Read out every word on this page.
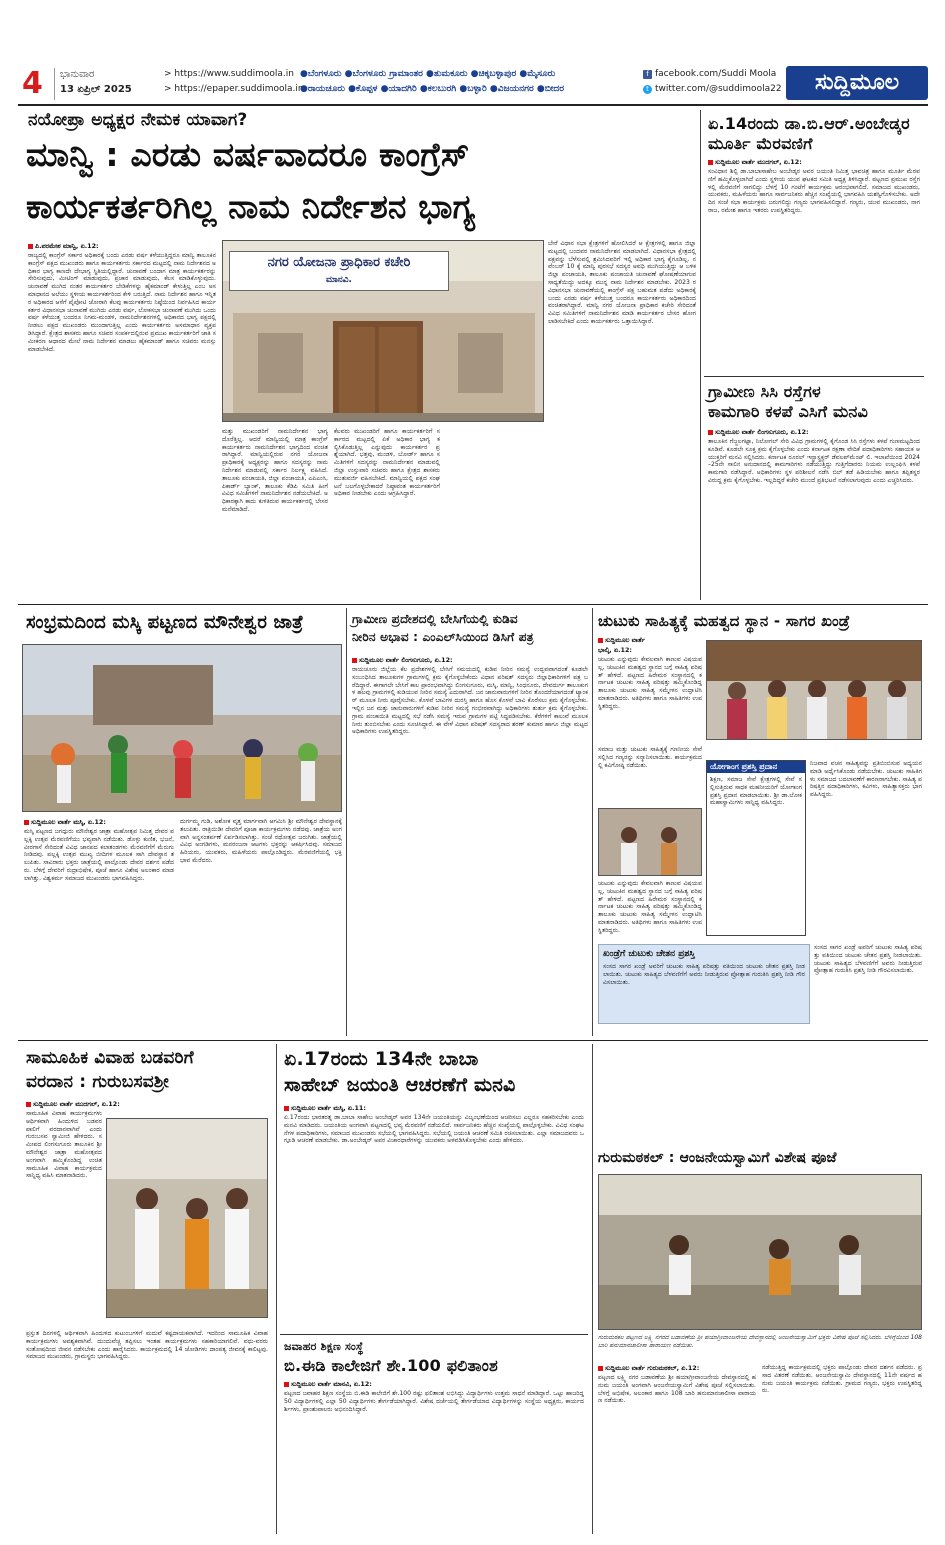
4 ಭಾನುವಾರ
13 ಏಪ್ರಿಲ್ 2025
> https://www.suddimoola.in
> https://epaper.suddimoola.in
●ಬೆಂಗಳೂರು ●ಬೆಂಗಳೂರು ಗ್ರಾಮಾಂತರ ●ತುಮಕೂರು ●ಚಿಕ್ಕಬಳ್ಳಾಪುರ ●ಮೈಸೂರು
●ರಾಯಚೂರು ●ಕೊಪ್ಪಳ ●ಯಾದಗಿರಿ ●ಕಲಬುರಗಿ ●ಬಳ್ಳಾರಿ ●ವಿಜಯನಗರ ●ಬೀದರ
f facebook.com/Suddi Moola
t twitter.com/@suddimoola22	ಸುದ್ದಿಮೂಲ
ನಯೋಪ್ರಾ ಅಧ್ಯಕ್ಷರ ನೇಮಕ ಯಾವಾಗ?
ಮಾನ್ವಿ : ಎರಡು ವರ್ಷವಾದರೂ ಕಾಂಗ್ರೆಸ್
ಕಾರ್ಯಕರ್ತರಿಗಿಲ್ಲ ನಾಮ ನಿರ್ದೇಶನ ಭಾಗ್ಯ
ಪಿ.ಪರಮೇಶ ಮಾನ್ವಿ, ಏ.12:
ರಾಜ್ಯದಲ್ಲಿ ಕಾಂಗ್ರೆಸ್ ಸರ್ಕಾರ ಅಧಿಕಾರಕ್ಕೆ ಬಂದು ಎರಡು ವರ್ಷ ಕಳೆಯುತ್ತಿದ್ದರೂ ಮಾನ್ವಿ ತಾಲೂಕಿನ ಕಾಂಗ್ರೆಸ್ ಪಕ್ಷದ ಮುಖಂಡರು ಹಾಗೂ ಕಾರ್ಯಕರ್ತರು ಸರ್ಕಾರದ ಮಟ್ಟದಲ್ಲಿ ನಾಮ ನಿರ್ದೇಶನದ ಅಧಿಕಾರ ಭಾಗ್ಯ ಕಾಣದೇ ದೇಭಾಗ್ಯ ಸ್ಥಿತಿಯಲ್ಲಿದ್ದಾರೆ. ಚುನಾವಣೆ ಬಂದಾಗ ಮಾತ್ರ ಕಾರ್ಯಕರ್ತರನ್ನು ಸೇರಿಸುವುದು, ಮೀಟಿಂಗ್ ಮಾಡುವುದು, ಪ್ರಚಾರ ಮಾಡುವುದು, ಕೆಲಸ ಮಾಡಿಕೊಳ್ಳುವುದು. ಚುನಾವಣೆ ಮುಗಿದ ನಂತರ ಕಾರ್ಯಕರ್ತರ ಬೇಡಿಕೆಗಳನ್ನು ಹೈಕಮಾಂಡ್ ಕೇಳುತ್ತಿಲ್ಲ ಎಂಬ ಅಸಮಾಧಾನದ ಅಲೆಯು ಸ್ಥಳೀಯ ಕಾರ್ಯಕರ್ತರಿಂದ ಕೇಳಿ ಬರುತ್ತಿದೆ. ನಾಮ ನಿರ್ದೇಶನ ಹಾಗೂ ಇನ್ನಿತರ ಅಧಿಕಾರದ ಆಸೆಗೆ ಪೈಪೋಟಿ ಜೋರಾಗಿ ಕೆಲವು ಕಾರ್ಯಕರ್ತರು ನಿಷ್ಠೆಯಿಂದ ನಿರ್ವಹಿಸಿದ ಕಾರ್ಯಕರ್ತರ ವಿಧಾನಸಭಾ ಚುನಾವಣೆ ಮುಗಿದು ಎರಡು ವರ್ಷ, ಲೋಕಸಭಾ ಚುನಾವಣೆ ಮುಗಿದು ಒಂದು ವರ್ಷ ಕಳೆಯುತ್ತ ಬಂದರೂ ನಿಗಮ-ಮಂಡಳಿ, ನಾಮನಿರ್ದೇಶನಗಳಲ್ಲಿ ಅಧಿಕಾರದ ಭಾಗ್ಯ ಪಕ್ಷದಲ್ಲಿ ನೀಡಲು ಪಕ್ಷದ ಮುಖಂಡರು ಮುಂದಾಗುತ್ತಿಲ್ಲ ಎಂದು ಕಾರ್ಯಕರ್ತರು ಅಸಮಾಧಾನ ವ್ಯಕ್ತಪಡಿಸಿದ್ದಾರೆ. ಕ್ಷೇತ್ರದ ಶಾಸಕರು ಹಾಗೂ ಸಚಿವರ ಸಂಪರ್ಕದಲ್ಲಿರುವ ಪ್ರಮುಖ ಕಾರ್ಯಕರ್ತರಿಗೆ ಜಾತಿ ಸಮೀಕರಣ ಆಧಾರದ ಮೇಲೆ ನಾಮ ನಿರ್ದೇಶನ ಮಾಡಲು ಹೈಕಮಾಂಡ್ ಹಾಗೂ ಸಚಿವರು ಮನಸ್ಸು ಮಾಡಬೇಕಿದೆ.
ನಗರ ಯೋಜನಾ ಪ್ರಾಧಿಕಾರ ಕಚೇರಿ
ಮಾನವಿ.
ಮತ್ತು ಮುಖಂಡರಿಗೆ ನಾಮನಿರ್ದೇಶನ ಭಾಗ್ಯ ದೊರೆತ್ತಿಲ್ಲ. ಆದರೆ ಮಾನ್ವಿಯಲ್ಲಿ ಮಾತ್ರ ಕಾಂಗ್ರೆಸ್ ಕಾರ್ಯಕರ್ತರು ನಾಮನಿರ್ದೇಶನ ಭಾಗ್ಯದಿಂದ ವಂಚಿತರಾಗಿದ್ದಾರೆ. ಮಾನ್ವಿಯಲ್ಲಿರುವ ನಗರ ಯೋಜನಾ ಪ್ರಾಧಿಕಾರಕ್ಕೆ ಅಧ್ಯಕ್ಷರನ್ನು ಹಾಗೂ ಸದಸ್ಯರನ್ನು ನಾಮನಿರ್ದೇಶನ ಮಾಡುವಲ್ಲಿ ಸರ್ಕಾರ ನಿರ್ಲಕ್ಷ್ಯ ವಹಿಸಿದೆ. ತಾಲೂಕು ಪಂಚಾಯತಿ, ಜಿಲ್ಲಾ ಪಂಚಾಯತಿ, ಎಪಿಎಂಸಿ, ಪಿಕಾರ್ಡ್ ಬ್ಯಾಂಕ್, ತಾಲೂಕು ಕೆಡಿಪಿ ಸಮಿತಿ ಹೀಗೆ ವಿವಿಧ ಸಮಿತಿಗಳಿಗೆ ನಾಮನಿರ್ದೇಶನ ನಡೆಯಬೇಕಿದೆ. ಅಧಿಕಾರಕ್ಕಾಗಿ ಕಾದು ಕುಳಿತಿರುವ ಕಾರ್ಯಕರ್ತರಲ್ಲಿ ಬೇಸರ ಮನೆಮಾಡಿದೆ.
ಕೆಲವರು ಮುಖಂಡರಿಗೆ ಹಾಗೂ ಕಾರ್ಯಕರ್ತರಿಗೆ ಸರ್ಕಾರದ ಮಟ್ಟದಲ್ಲಿ ಏಕೆ ಅಧಿಕಾರ ಭಾಗ್ಯ ಕಲ್ಪಿಸಿಕೊಡುತ್ತಿಲ್ಲ ಎನ್ನುವುದು ಕಾರ್ಯಕರ್ತರ ಪ್ರಶ್ನೆಯಾಗಿದೆ. ಭತ್ತವು, ಮಂಡಳಿ, ಬೋರ್ಡ್ ಹಾಗೂ ಸಮಿತಿಗಳಿಗೆ ಸದಸ್ಯರನ್ನು ನಾಮನಿರ್ದೇಶನ ಮಾಡುವಲ್ಲಿ ಜಿಲ್ಲಾ ಉಸ್ತುವಾರಿ ಸಚಿವರು ಹಾಗೂ ಕ್ಷೇತ್ರದ ಶಾಸಕರು ಮುತುವರ್ಜಿ ವಹಿಸಬೇಕಿದೆ. ಮಾನ್ವಿಯಲ್ಲಿ ಪಕ್ಷದ ಸಂಘಟನೆ ಬಲಗೊಳ್ಳಬೇಕಾದರೆ ನಿಷ್ಠಾವಂತ ಕಾರ್ಯಕರ್ತರಿಗೆ ಅಧಿಕಾರ ನೀಡಬೇಕು ಎಂದು ಆಗ್ರಹಿಸಿದ್ದಾರೆ.
ಬೇರೆ ವಿಧಾನ ಸಭಾ ಕ್ಷೇತ್ರಗಳಿಗೆ ಹೋಲಿಸಿದರೆ ಆ ಕ್ಷೇತ್ರಗಳಲ್ಲಿ ಹಾಗೂ ಜಿಲ್ಲಾ ಮಟ್ಟದಲ್ಲಿ ಬಂದವರ ನಾಮನಿರ್ದೇಶನ ಮಾಡಲಾಗಿದೆ. ವಿಧಾನಸಭಾ ಕ್ಷೇತ್ರದಲ್ಲಿ ಪಕ್ಷವನ್ನು ಬೆಳೆಸುವಲ್ಲಿ ಶ್ರಮಿಸಿದವರಿಗೆ ಇಲ್ಲಿ ಅಧಿಕಾರ ಭಾಗ್ಯ ಕೈಗೂಡಿಲ್ಲ. ನವೆಂಬರ್ 10 ಕ್ಕೆ ಮಾನ್ವಿ ಪುರಸಭೆ ಸದಸ್ಯರ ಅವಧಿ ಮುಗಿಯುತ್ತಿದ್ದು ಆ ಬಳಿಕ ಜಿಲ್ಲಾ ಪಂಚಾಯತಿ, ತಾಲೂಕು ಪಂಚಾಯತಿ ಚುನಾವಣೆ ಘೋಷಣೆಯಾಗುವ ಸಾಧ್ಯತೆಯಿದ್ದು ಅದಕ್ಕೂ ಮುನ್ನ ನಾಮ ನಿರ್ದೇಶನ ಮಾಡಬೇಕು. 2023 ರ ವಿಧಾನಸಭಾ ಚುನಾವಣೆಯಲ್ಲಿ ಕಾಂಗ್ರೆಸ್ ಪಕ್ಷ ಬಹುಮತ ಪಡೆದು ಅಧಿಕಾರಕ್ಕೆ ಬಂದು ಎರಡು ವರ್ಷ ಕಳೆಯುತ್ತ ಬಂದರೂ ಕಾರ್ಯಕರ್ತರು ಅಧಿಕಾರದಿಂದ ವಂಚಿತರಾಗಿದ್ದಾರೆ. ಮಾನ್ವಿ ನಗರ ಯೋಜನಾ ಪ್ರಾಧಿಕಾರ ಕಚೇರಿ ಸೇರಿದಂತೆ ವಿವಿಧ ಸಮಿತಿಗಳಿಗೆ ನಾಮನಿರ್ದೇಶನ ಮಾಡಿ ಕಾರ್ಯಕರ್ತರ ಬೇಸರ ಹೋಗಲಾಡಿಸಬೇಕಿದೆ ಎಂದು ಕಾರ್ಯಕರ್ತರು ಒತ್ತಾಯಿಸಿದ್ದಾರೆ.
ಏ.14ರಂದು ಡಾ.ಬಿ.ಆರ್.ಅಂಬೇಡ್ಕರ
ಮೂರ್ತಿ ಮೆರವಣಿಗೆ
ಸುದ್ದಿಮೂಲ ವಾರ್ತೆ ಮುದಗಲ್, ಏ.12:
ಸಂವಿಧಾನ ಶಿಲ್ಪಿ ಡಾ.ಬಾಬಾಸಾಹೇಬ ಅಂಬೇಡ್ಕರ ಅವರ ಜಯಂತಿ ನಿಮಿತ್ತ ಭಾವಚಿತ್ರ ಹಾಗೂ ಮೂರ್ತಿ ಮೆರವಣಿಗೆ ಹಮ್ಮಿಕೊಳ್ಳಲಾಗಿದೆ ಎಂದು ಸ್ಥಳೀಯ ಯುವ ಘಟಕದ ಸಮಿತಿ ಅಧ್ಯಕ್ಷ ತಿಳಿಸಿದ್ದಾರೆ. ಪಟ್ಟಣದ ಪ್ರಮುಖ ರಸ್ತೆಗಳಲ್ಲಿ ಮೆರವಣಿಗೆ ಸಾಗಲಿದ್ದು ಬೆಳಗ್ಗೆ 10 ಗಂಟೆಗೆ ಕಾರ್ಯಕ್ರಮ ಆರಂಭವಾಗಲಿದೆ. ಸಮಾಜದ ಮುಖಂಡರು, ಯುವಕರು, ಮಹಿಳೆಯರು ಹಾಗೂ ಸಾರ್ವಜನಿಕರು ಹೆಚ್ಚಿನ ಸಂಖ್ಯೆಯಲ್ಲಿ ಭಾಗವಹಿಸಿ ಯಶಸ್ವಿಗೊಳಿಸಬೇಕು. ಅದೇ ದಿನ ಸಂಜೆ ಸಭಾ ಕಾರ್ಯಕ್ರಮ ಜರುಗಲಿದ್ದು ಗಣ್ಯರು ಭಾಗವಹಿಸಲಿದ್ದಾರೆ. ಗಣ್ಯರು, ಯುವ ಮುಖಂಡರು, ನಾಗರಾಜ, ರಮೇಶ ಹಾಗೂ ಇತರರು ಉಪಸ್ಥಿತರಿದ್ದರು.
ಗ್ರಾಮೀಣ ಸಿಸಿ ರಸ್ತೆಗಳ
ಕಾಮಗಾರಿ ಕಳಪೆ ಎಸಿಗೆ ಮನವಿ
ಸುದ್ದಿಮೂಲ ವಾರ್ತೆ ಲಿಂಗಸುಗೂರು, ಏ.12:
ತಾಲೂಕಿನ ಗೆಜ್ಜಲಗಟ್ಟಾ, ನಿಲೋಗಲ್ ಸೇರಿ ವಿವಿಧ ಗ್ರಾಮಗಳಲ್ಲಿ ಕೈಗೊಂಡ ಸಿಸಿ ರಸ್ತೆಗಳು ಕಳಪೆ ಗುಣಮಟ್ಟದಿಂದ ಕೂಡಿವೆ. ಕೂಡಲೇ ಸೂಕ್ತ ಕ್ರಮ ಕೈಗೊಳ್ಳಬೇಕು ಎಂದು ಕರ್ನಾಟಕ ರಕ್ಷಣಾ ವೇದಿಕೆ ಪದಾಧಿಕಾರಿಗಳು ಸಹಾಯಕ ಆಯುಕ್ತರಿಗೆ ಮನವಿ ಸಲ್ಲಿಸಿದರು. ಕರ್ನಾಟಕ ರೂರಲ್ ಇನ್ಫ್ರಾಸ್ಟ್ರಕ್ಚರ್ ಡೆವಲಪ್‌ಮೆಂಟ್ ಲಿ. ಇಲಾಖೆಯಿಂದ 2024–25ನೇ ಸಾಲಿನ ಅನುದಾನದಲ್ಲಿ ಕಾಮಗಾರಿಗಳು ನಡೆಯುತ್ತಿದ್ದು ಗುತ್ತಿಗೆದಾರರು ನಿಯಮ ಉಲ್ಲಂಘಿಸಿ ಕಳಪೆ ಕಾಮಗಾರಿ ನಡೆಸಿದ್ದಾರೆ. ಅಧಿಕಾರಿಗಳು ಸ್ಥಳ ಪರಿಶೀಲನೆ ನಡೆಸಿ ಬಿಲ್ ತಡೆ ಹಿಡಿಯಬೇಕು ಹಾಗೂ ತಪ್ಪಿತಸ್ಥರ ವಿರುದ್ಧ ಕ್ರಮ ಕೈಗೊಳ್ಳಬೇಕು. ಇಲ್ಲದಿದ್ದರೆ ಕಚೇರಿ ಮುಂದೆ ಪ್ರತಿಭಟನೆ ನಡೆಸಲಾಗುವುದು ಎಂದು ಎಚ್ಚರಿಸಿದರು.
ಸಂಭ್ರಮದಿಂದ ಮಸ್ಕಿ ಪಟ್ಟಣದ ಮೌನೇಶ್ವರ ಜಾತ್ರೆ
ಸುದ್ದಿಮೂಲ ವಾರ್ತೆ ಮಸ್ಕಿ, ಏ.12:
ಮಸ್ಕಿ ಪಟ್ಟಣದ ಜಗದ್ಗುರು ಮೌನೇಶ್ವರ ಜಾತ್ರಾ ಮಹೋತ್ಸವ ನಿಮಿತ್ತ ದೇವರ ಪಲ್ಲಕ್ಕಿ ಉತ್ಸವ ಮೆರವಣಿಗೆಯು ಭವ್ಯವಾಗಿ ನಡೆಯಿತು. ಡೊಳ್ಳು ಕುಣಿತ, ಭಜನೆ, ವೀರಗಾಸೆ ಸೇರಿದಂತೆ ವಿವಿಧ ಜಾನಪದ ಕಲಾತಂಡಗಳು ಮೆರವಣಿಗೆಗೆ ಮೆರುಗು ನೀಡಿದವು. ಪಲ್ಲಕ್ಕಿ ಉತ್ಸವ ಮುಖ್ಯ ಬೀದಿಗಳ ಮೂಲಕ ಸಾಗಿ ದೇವಸ್ಥಾನ ತಲುಪಿತು. ಸಾವಿರಾರು ಭಕ್ತರು ಜಾತ್ರೆಯಲ್ಲಿ ಪಾಲ್ಗೊಂಡು ದೇವರ ದರ್ಶನ ಪಡೆದರು. ಬೆಳಿಗ್ಗೆ ದೇವರಿಗೆ ರುದ್ರಾಭಿಷೇಕ, ಪೂಜೆ ಹಾಗೂ ವಿಶೇಷ ಅಲಂಕಾರ ಮಾಡಲಾಗಿತ್ತು. ವಿಶ್ವಕರ್ಮ ಸಮಾಜದ ಮುಖಂಡರು ಭಾಗವಹಿಸಿದ್ದರು.
ದುರ್ಗಮ್ಮ ಗುಡಿ, ಅಶೋಕ ವೃತ್ತ ಮಾರ್ಗವಾಗಿ ಆಗಮಿಸಿ ಶ್ರೀ ಮೌನೇಶ್ವರ ದೇವಸ್ಥಾನಕ್ಕೆ ತಲುಪಿತು. ರಾತ್ರಿಯಿಡೀ ದೇವರಿಗೆ ಪೂಜಾ ಕಾರ್ಯಕ್ರಮಗಳು ನಡೆದವು. ಜಾತ್ರೆಯ ಅಂಗವಾಗಿ ಅನ್ನಸಂತರ್ಪಣೆ ಏರ್ಪಡಿಸಲಾಗಿತ್ತು. ಸಂಜೆ ರಥೋತ್ಸವ ಜರುಗಿತು. ಜಾತ್ರೆಯಲ್ಲಿ ವಿವಿಧ ಅಂಗಡಿಗಳು, ಮನರಂಜನಾ ಆಟಗಳು ಭಕ್ತರನ್ನು ಆಕರ್ಷಿಸಿದವು. ಸಮಾಜದ ಹಿರಿಯರು, ಯುವಕರು, ಮಹಿಳೆಯರು ಪಾಲ್ಗೊಂಡಿದ್ದರು. ಮೆರವಣಿಗೆಯಲ್ಲಿ ಭಕ್ತಿ ಭಾವ ಮೆರೆದರು.
ಗ್ರಾಮೀಣ ಪ್ರದೇಶದಲ್ಲಿ ಬೇಸಿಗೆಯಲ್ಲಿ ಕುಡಿವ
ನೀರಿನ ಅಭಾವ : ಎಂಎಲ್‌ಸಿಯಿಂದ ಡಿಸಿಗೆ ಪತ್ರ
ಸುದ್ದಿಮೂಲ ವಾರ್ತೆ ಲಿಂಗಸುಗೂರು, ಏ.12:
ರಾಯಚೂರು ಜಿಲ್ಲೆಯ ಕೆಲ ಪ್ರದೇಶಗಳಲ್ಲಿ ಬೇಸಿಗೆ ಸಮಯದಲ್ಲಿ ಕುಡಿವ ನೀರಿನ ಸಮಸ್ಯೆ ಉದ್ಭವವಾಗದಂತೆ ಕೂಡಲೇ ಸಂಬಂಧಿಸಿದ ತಾಲೂಕುಗಳ ಗ್ರಾಮಗಳಲ್ಲಿ ಕ್ರಮ ಕೈಗೊಳ್ಳಬೇಕೆಂದು ವಿಧಾನ ಪರಿಷತ್ ಸದಸ್ಯರು ಜಿಲ್ಲಾಧಿಕಾರಿಗಳಿಗೆ ಪತ್ರ ಬರೆದಿದ್ದಾರೆ. ಈಗಾಗಲೇ ಬೇಸಿಗೆ ಕಾಲ ಪ್ರಾರಂಭವಾಗಿದ್ದು ಲಿಂಗಸುಗೂರು, ಮಸ್ಕಿ, ಮಾನ್ವಿ, ಸಿಂಧನೂರು, ದೇವದುರ್ಗ ತಾಲೂಕುಗಳ ಹಲವು ಗ್ರಾಮಗಳಲ್ಲಿ ಕುಡಿಯುವ ನೀರಿನ ಸಮಸ್ಯೆ ಎದುರಾಗಿದೆ. ಜನ ಜಾನುವಾರುಗಳಿಗೆ ನೀರಿನ ತೊಂದರೆಯಾಗದಂತೆ ಟ್ಯಾಂಕರ್ ಮೂಲಕ ನೀರು ಪೂರೈಸಬೇಕು. ಕೊಳವೆ ಬಾವಿಗಳ ದುರಸ್ತಿ ಹಾಗೂ ಹೊಸ ಕೊಳವೆ ಬಾವಿ ಕೊರೆಸಲು ಕ್ರಮ ಕೈಗೊಳ್ಳಬೇಕು. ಇಲ್ಲಿನ ಜನ ಮತ್ತು ಜಾನುವಾರುಗಳಿಗೆ ಕುಡಿವ ನೀರಿನ ಸಮಸ್ಯೆ ಗಂಭೀರವಾಗಿದ್ದು ಅಧಿಕಾರಿಗಳು ತುರ್ತು ಕ್ರಮ ಕೈಗೊಳ್ಳಬೇಕು. ಗ್ರಾಮ ಪಂಚಾಯಿತಿ ಮಟ್ಟದಲ್ಲಿ ಸಭೆ ನಡೆಸಿ ಸಮಸ್ಯೆ ಇರುವ ಗ್ರಾಮಗಳ ಪಟ್ಟಿ ಸಿದ್ಧಪಡಿಸಬೇಕು. ಕೆರೆಗಳಿಗೆ ಕಾಲುವೆ ಮೂಲಕ ನೀರು ತುಂಬಿಸಬೇಕು ಎಂದು ಸೂಚಿಸಿದ್ದಾರೆ. ಈ ವೇಳೆ ವಿಧಾನ ಪರಿಷತ್ ಸದಸ್ಯರಾದ ಶರಣ್ ಕುಮಾರ ಹಾಗೂ ಜಿಲ್ಲಾ ಮಟ್ಟದ ಅಧಿಕಾರಿಗಳು ಉಪಸ್ಥಿತರಿದ್ದರು.
ಚುಟುಕು ಸಾಹಿತ್ಯಕ್ಕೆ ಮಹತ್ವದ ಸ್ಥಾನ - ಸಾಗರ ಖಂಡ್ರೆ
ಸುದ್ದಿಮೂಲ ವಾರ್ತೆ
ಭಾಲ್ಕಿ, ಏ.12:
ಚುಟುಕು ಎನ್ನುವುದು ಕೇವಲವಾಗಿ ಕಾಣುವ ವಿಷಯವಲ್ಲ, ಚುಟುಕಿನ ಮಹತ್ವದ ಸ್ಥಾನದ ಬಗ್ಗೆ ಸಾಹಿತ್ಯ ಪರಿಷತ್ ಹೇಳಿದೆ. ಪಟ್ಟಣದ ಹಿರೇಮಠ ಸಂಸ್ಥಾನದಲ್ಲಿ ಕರ್ನಾಟಕ ಚುಟುಕು ಸಾಹಿತ್ಯ ಪರಿಷತ್ತು ಹಮ್ಮಿಕೊಂಡಿದ್ದ ತಾಲೂಕು ಚುಟುಕು ಸಾಹಿತ್ಯ ಸಮ್ಮೇಳನ ಉದ್ಘಾಟಿಸಿ ಮಾತನಾಡಿದರು. ಅತಿಥಿಗಳು ಹಾಗೂ ಸಾಹಿತಿಗಳು ಉಪಸ್ಥಿತರಿದ್ದರು.
ಸಮಾಜ ಮತ್ತು ಚುಟುಕು ಸಾಹಿತ್ಯಕ್ಕೆ ಗಣನೀಯ ಸೇವೆ ಸಲ್ಲಿಸಿದ ಗಣ್ಯರನ್ನು ಸನ್ಮಾನಿಸಲಾಯಿತು. ಕಾರ್ಯಕ್ರಮದಲ್ಲಿ ಕವಿಗೋಷ್ಠಿ ನಡೆಯಿತು.	ಯೋಗಾಂಗ ಪ್ರಶಸ್ತಿ ಪ್ರದಾನ
ಶಿಕ್ಷಣ, ಸಮಾಜ ಸೇವೆ ಕ್ಷೇತ್ರಗಳಲ್ಲಿ ಸೇವೆ ಸಲ್ಲಿಸುತ್ತಿರುವ ಸಾಧಕ ಮಹನೀಯರಿಗೆ ಯೋಗಾಂಗ ಪ್ರಶಸ್ತಿ ಪ್ರದಾನ ಮಾಡಲಾಯಿತು. ಶ್ರೀ ಡಾ.ಲೋಕ ಮಹಾಸ್ವಾಮಿಗಳು ಸಾನ್ನಿಧ್ಯ ವಹಿಸಿದ್ದರು.
ನಿಜವಾದ ವಚನ ಸಾಹಿತ್ಯವನ್ನು ಪ್ರತಿಬಿಂಬಿಸುವ ಅಧ್ಯಯನ ಮಾಡಿ ಅರ್ಥೈಸಿಕೊಂಡು ನಡೆಯಬೇಕು. ಚುಟುಕು ಸಾಹಿತಿಗಳು ಸಮಾಜದ ಬದಲಾವಣೆಗೆ ಕಾರಣರಾಗಬೇಕು. ಸಾಹಿತ್ಯ ಪರಿಷತ್ತಿನ ಪದಾಧಿಕಾರಿಗಳು, ಕವಿಗಳು, ಸಾಹಿತ್ಯಾಸಕ್ತರು ಭಾಗವಹಿಸಿದ್ದರು.
ಚುಟುಕು ಎನ್ನುವುದು ಕೇವಲವಾಗಿ ಕಾಣುವ ವಿಷಯವಲ್ಲ, ಚುಟುಕಿನ ಮಹತ್ವದ ಸ್ಥಾನದ ಬಗ್ಗೆ ಸಾಹಿತ್ಯ ಪರಿಷತ್ ಹೇಳಿದೆ. ಪಟ್ಟಣದ ಹಿರೇಮಠ ಸಂಸ್ಥಾನದಲ್ಲಿ ಕರ್ನಾಟಕ ಚುಟುಕು ಸಾಹಿತ್ಯ ಪರಿಷತ್ತು ಹಮ್ಮಿಕೊಂಡಿದ್ದ ತಾಲೂಕು ಚುಟುಕು ಸಾಹಿತ್ಯ ಸಮ್ಮೇಳನ ಉದ್ಘಾಟಿಸಿ ಮಾತನಾಡಿದರು. ಅತಿಥಿಗಳು ಹಾಗೂ ಸಾಹಿತಿಗಳು ಉಪಸ್ಥಿತರಿದ್ದರು.
ಖಂಡ್ರೆಗೆ ಚುಟುಕು ಚೇತನ ಪ್ರಶಸ್ತಿ
ಸಂಸದ ಸಾಗರ ಖಂಡ್ರೆ ಅವರಿಗೆ ಚುಟುಕು ಸಾಹಿತ್ಯ ಪರಿಷತ್ತು ವತಿಯಿಂದ ಚುಟುಕು ಚೇತನ ಪ್ರಶಸ್ತಿ ನೀಡಲಾಯಿತು. ಚುಟುಕು ಸಾಹಿತ್ಯದ ಬೆಳವಣಿಗೆಗೆ ಅವರು ನೀಡುತ್ತಿರುವ ಪ್ರೋತ್ಸಾಹ ಗುರುತಿಸಿ ಪ್ರಶಸ್ತಿ ನೀಡಿ ಗೌರವಿಸಲಾಯಿತು.
ಸಂಸದ ಸಾಗರ ಖಂಡ್ರೆ ಅವರಿಗೆ ಚುಟುಕು ಸಾಹಿತ್ಯ ಪರಿಷತ್ತು ವತಿಯಿಂದ ಚುಟುಕು ಚೇತನ ಪ್ರಶಸ್ತಿ ನೀಡಲಾಯಿತು. ಚುಟುಕು ಸಾಹಿತ್ಯದ ಬೆಳವಣಿಗೆಗೆ ಅವರು ನೀಡುತ್ತಿರುವ ಪ್ರೋತ್ಸಾಹ ಗುರುತಿಸಿ ಪ್ರಶಸ್ತಿ ನೀಡಿ ಗೌರವಿಸಲಾಯಿತು.
ಸಾಮೂಹಿಕ ವಿವಾಹ ಬಡವರಿಗೆ
ವರದಾನ : ಗುರುಬಸವಶ್ರೀ
ಸುದ್ದಿಮೂಲ ವಾರ್ತೆ ಮುದಗಲ್, ಏ.12:
ಸಾಮೂಹಿಕ ವಿವಾಹ ಕಾರ್ಯಕ್ರಮಗಳು ಆರ್ಥಿಕವಾಗಿ ಹಿಂದುಳಿದ ಬಡವರ ಪಾಲಿಗೆ ವರದಾನವಾಗಿವೆ ಎಂದು ಗುರುಬಸವ ಸ್ವಾಮೀಜಿ ಹೇಳಿದರು. ಸಮೀಪದ ಲಿಂಗಸುಗೂರು ತಾಲೂಕಿನ ಶ್ರೀ ಮೌನೇಶ್ವರ ಜಾತ್ರಾ ಮಹೋತ್ಸವದ ಅಂಗವಾಗಿ ಹಮ್ಮಿಕೊಂಡಿದ್ದ ಉಚಿತ ಸಾಮೂಹಿಕ ವಿವಾಹ ಕಾರ್ಯಕ್ರಮದ ಸಾನ್ನಿಧ್ಯ ವಹಿಸಿ ಮಾತನಾಡಿದರು.
ಪ್ರಸ್ತುತ ದಿನಗಳಲ್ಲಿ ಆರ್ಥಿಕವಾಗಿ ಹಿಂದುಳಿದ ಕುಟುಂಬಗಳಿಗೆ ಮದುವೆ ಕಷ್ಟದಾಯಕವಾಗಿದೆ. ಇದರಿಂದ ಸಾಮೂಹಿಕ ವಿವಾಹ ಕಾರ್ಯಕ್ರಮಗಳು ಅವಶ್ಯಕವಾಗಿವೆ. ದುಂದುವೆಚ್ಚ ತಪ್ಪಿಸಲು ಇಂತಹ ಕಾರ್ಯಕ್ರಮಗಳು ಸಹಕಾರಿಯಾಗಲಿವೆ. ವಧು-ವರರು ಸಂತೋಷದಿಂದ ಜೀವನ ನಡೆಸಬೇಕು ಎಂದು ಹಾರೈಸಿದರು. ಕಾರ್ಯಕ್ರಮದಲ್ಲಿ 14 ಜೋಡಿಗಳು ದಾಂಪತ್ಯ ಜೀವನಕ್ಕೆ ಕಾಲಿಟ್ಟವು. ಸಮಾಜದ ಮುಖಂಡರು, ಗ್ರಾಮಸ್ಥರು ಭಾಗವಹಿಸಿದ್ದರು.
ಏ.17ರಂದು 134ನೇ ಬಾಬಾ
ಸಾಹೇಬ್ ಜಯಂತಿ ಆಚರಣೆಗೆ ಮನವಿ
ಸುದ್ದಿಮೂಲ ವಾರ್ತೆ ಮಸ್ಕಿ, ಏ.11:
ಏ.17ರಂದು ಭಾರತರತ್ನ ಡಾ.ಬಾಬಾ ಸಾಹೇಬ ಅಂಬೇಡ್ಕರ್ ಅವರ 134ನೇ ಜಯಂತಿಯನ್ನು ವಿಜೃಂಭಣೆಯಿಂದ ಆಚರಿಸಲು ಎಲ್ಲರೂ ಸಹಕರಿಸಬೇಕು ಎಂದು ಮನವಿ ಮಾಡಿದರು. ಜಯಂತಿಯ ಅಂಗವಾಗಿ ಪಟ್ಟಣದಲ್ಲಿ ಭವ್ಯ ಮೆರವಣಿಗೆ ನಡೆಯಲಿದೆ. ಸಾರ್ವಜನಿಕರು ಹೆಚ್ಚಿನ ಸಂಖ್ಯೆಯಲ್ಲಿ ಪಾಲ್ಗೊಳ್ಳಬೇಕು. ವಿವಿಧ ಸಂಘಟನೆಗಳ ಪದಾಧಿಕಾರಿಗಳು, ಸಮಾಜದ ಮುಖಂಡರು ಸಭೆಯಲ್ಲಿ ಭಾಗವಹಿಸಿದ್ದರು. ಸಭೆಯಲ್ಲಿ ಜಯಂತಿ ಆಚರಣೆ ಸಮಿತಿ ರಚಿಸಲಾಯಿತು. ಎಲ್ಲಾ ಸಮಾಜದವರು ಒಗ್ಗೂಡಿ ಆಚರಣೆ ಮಾಡಬೇಕು. ಡಾ.ಅಂಬೇಡ್ಕರ್ ಅವರ ವಿಚಾರಧಾರೆಗಳನ್ನು ಯುವಕರು ಅಳವಡಿಸಿಕೊಳ್ಳಬೇಕು ಎಂದು ಹೇಳಿದರು.
ಜವಾಹರ ಶಿಕ್ಷಣ ಸಂಸ್ಥೆ
ಬಿ.ಈಡಿ ಕಾಲೇಜಿಗೆ ಶೇ.100 ಫಲಿತಾಂಶ
ಸುದ್ದಿಮೂಲ ವಾರ್ತೆ ಮಾನವಿ, ಏ.12:
ಪಟ್ಟಣದ ಜವಾಹರ ಶಿಕ್ಷಣ ಸಂಸ್ಥೆಯ ಬಿ.ಈಡಿ ಕಾಲೇಜಿಗೆ ಶೇ.100 ರಷ್ಟು ಫಲಿತಾಂಶ ಲಭಿಸಿದ್ದು ವಿದ್ಯಾರ್ಥಿಗಳು ಉತ್ತಮ ಸಾಧನೆ ಮಾಡಿದ್ದಾರೆ. ಒಟ್ಟು ಹಾಜರಿದ್ದ 50 ವಿದ್ಯಾರ್ಥಿಗಳಲ್ಲಿ ಎಲ್ಲಾ 50 ವಿದ್ಯಾರ್ಥಿಗಳು ತೇರ್ಗಡೆಯಾಗಿದ್ದಾರೆ. ವಿಶೇಷ ದರ್ಜೆಯಲ್ಲಿ ತೇರ್ಗಡೆಯಾದ ವಿದ್ಯಾರ್ಥಿಗಳನ್ನು ಸಂಸ್ಥೆಯ ಅಧ್ಯಕ್ಷರು, ಕಾರ್ಯದರ್ಶಿಗಳು, ಪ್ರಾಂಶುಪಾಲರು ಅಭಿನಂದಿಸಿದ್ದಾರೆ.
ಗುರುಮಠಕಲ್ : ಆಂಜನೇಯಸ್ವಾಮಿಗೆ ವಿಶೇಷ ಪೂಜೆ
ಗುರುಮಠಕಲ ಪಟ್ಟಣದ ಲಕ್ಷ್ಮಿ ನಗರದ ಬಡಾವಣೆಯ ಶ್ರೀ ಹಯಾಗ್ರೀವಾಂಜನೇಯ ದೇವಸ್ಥಾನದಲ್ಲಿ ಅಂಜನೇಯಸ್ವಾಮಿಗೆ ಭಕ್ತರು ವಿಶೇಷ ಪೂಜೆ ಸಲ್ಲಿಸಿದರು. ಬೆಳಿಗ್ಗೆಯಿಂದ 108 ಬಾರಿ ಹನುಮಾನಚಾಲೀಸಾ ಪಾರಾಯಣ ನಡೆಯಿತು.
ಸುದ್ದಿಮೂಲ ವಾರ್ತೆ ಗುರುಮಠಕಲ್, ಏ.12:
ಪಟ್ಟಣದ ಲಕ್ಷ್ಮಿ ನಗರ ಬಡಾವಣೆಯ ಶ್ರೀ ಹಯಾಗ್ರೀವಾಂಜನೇಯ ದೇವಸ್ಥಾನದಲ್ಲಿ ಹನುಮ ಜಯಂತಿ ಅಂಗವಾಗಿ ಆಂಜನೇಯಸ್ವಾಮಿಗೆ ವಿಶೇಷ ಪೂಜೆ ಸಲ್ಲಿಸಲಾಯಿತು. ಬೆಳಗ್ಗೆ ಅಭಿಷೇಕ, ಅಲಂಕಾರ ಹಾಗೂ 108 ಬಾರಿ ಹನುಮಾನಚಾಲೀಸಾ ಪಾರಾಯಣ ನಡೆಯಿತು.
ನಡೆಯುತ್ತಿದ್ದ ಕಾರ್ಯಕ್ರಮದಲ್ಲಿ ಭಕ್ತರು ಪಾಲ್ಗೊಂಡು ದೇವರ ದರ್ಶನ ಪಡೆದರು. ಪ್ರಸಾದ ವಿತರಣೆ ನಡೆಯಿತು. ಆಂಜನೇಯಸ್ವಾಮಿ ದೇವಸ್ಥಾನದಲ್ಲಿ 11ನೇ ವರ್ಷದ ಹನುಮ ಜಯಂತಿ ಕಾರ್ಯಕ್ರಮ ನಡೆಯಿತು. ಗ್ರಾಮದ ಗಣ್ಯರು, ಭಕ್ತರು ಉಪಸ್ಥಿತರಿದ್ದರು.
